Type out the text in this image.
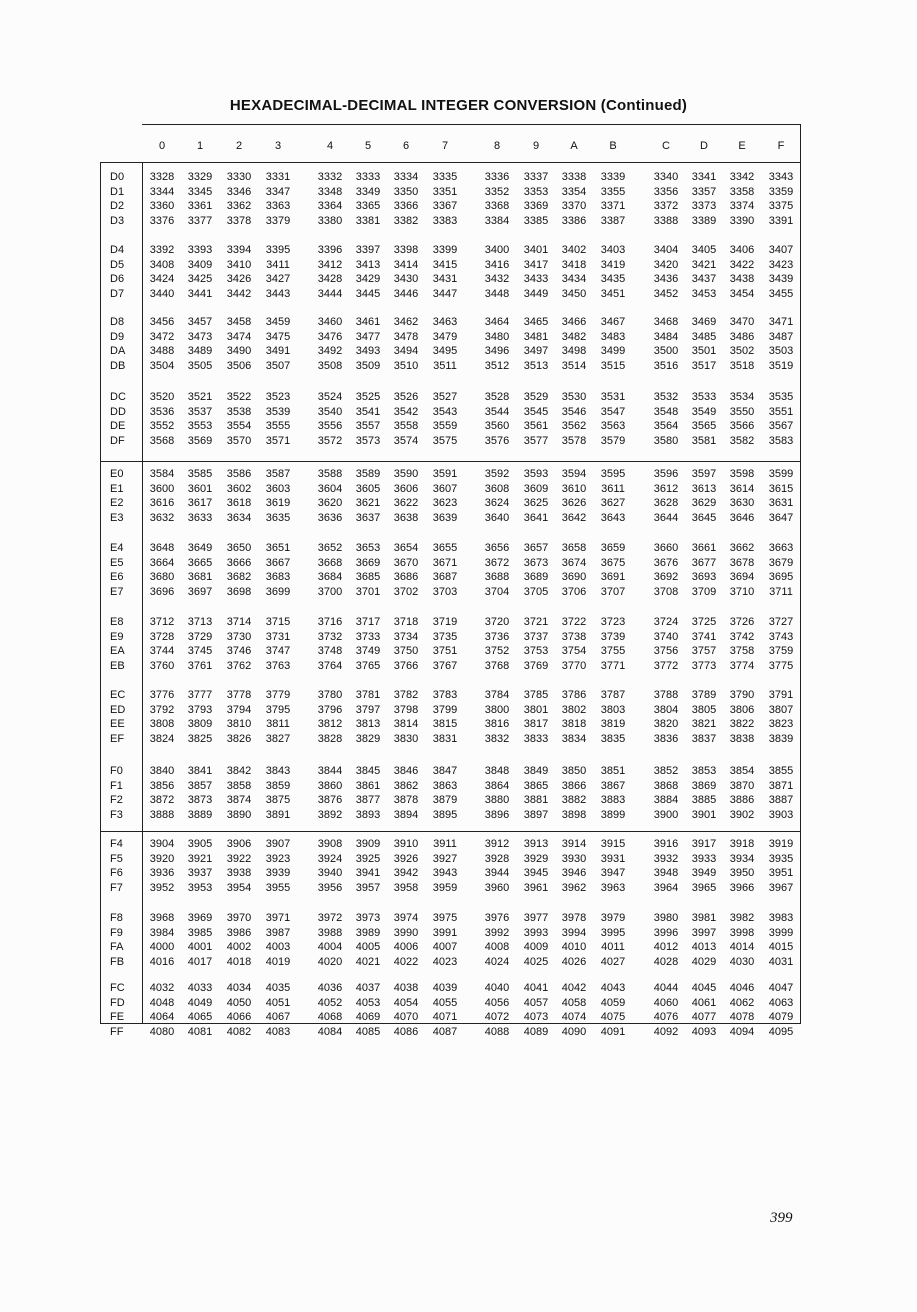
HEXADECIMAL-DECIMAL INTEGER CONVERSION (Continued)
0	1	2	3	4	5	6	7	8	9	A	B	C	D	E	F
D0	3328	3329	3330	3331	3332	3333	3334	3335	3336	3337	3338	3339	3340	3341	3342	3343
D1	3344	3345	3346	3347	3348	3349	3350	3351	3352	3353	3354	3355	3356	3357	3358	3359
D2	3360	3361	3362	3363	3364	3365	3366	3367	3368	3369	3370	3371	3372	3373	3374	3375
D3	3376	3377	3378	3379	3380	3381	3382	3383	3384	3385	3386	3387	3388	3389	3390	3391
D4	3392	3393	3394	3395	3396	3397	3398	3399	3400	3401	3402	3403	3404	3405	3406	3407
D5	3408	3409	3410	3411	3412	3413	3414	3415	3416	3417	3418	3419	3420	3421	3422	3423
D6	3424	3425	3426	3427	3428	3429	3430	3431	3432	3433	3434	3435	3436	3437	3438	3439
D7	3440	3441	3442	3443	3444	3445	3446	3447	3448	3449	3450	3451	3452	3453	3454	3455
D8	3456	3457	3458	3459	3460	3461	3462	3463	3464	3465	3466	3467	3468	3469	3470	3471
D9	3472	3473	3474	3475	3476	3477	3478	3479	3480	3481	3482	3483	3484	3485	3486	3487
DA	3488	3489	3490	3491	3492	3493	3494	3495	3496	3497	3498	3499	3500	3501	3502	3503
DB	3504	3505	3506	3507	3508	3509	3510	3511	3512	3513	3514	3515	3516	3517	3518	3519
DC	3520	3521	3522	3523	3524	3525	3526	3527	3528	3529	3530	3531	3532	3533	3534	3535
DD	3536	3537	3538	3539	3540	3541	3542	3543	3544	3545	3546	3547	3548	3549	3550	3551
DE	3552	3553	3554	3555	3556	3557	3558	3559	3560	3561	3562	3563	3564	3565	3566	3567
DF	3568	3569	3570	3571	3572	3573	3574	3575	3576	3577	3578	3579	3580	3581	3582	3583
E0	3584	3585	3586	3587	3588	3589	3590	3591	3592	3593	3594	3595	3596	3597	3598	3599
E1	3600	3601	3602	3603	3604	3605	3606	3607	3608	3609	3610	3611	3612	3613	3614	3615
E2	3616	3617	3618	3619	3620	3621	3622	3623	3624	3625	3626	3627	3628	3629	3630	3631
E3	3632	3633	3634	3635	3636	3637	3638	3639	3640	3641	3642	3643	3644	3645	3646	3647
E4	3648	3649	3650	3651	3652	3653	3654	3655	3656	3657	3658	3659	3660	3661	3662	3663
E5	3664	3665	3666	3667	3668	3669	3670	3671	3672	3673	3674	3675	3676	3677	3678	3679
E6	3680	3681	3682	3683	3684	3685	3686	3687	3688	3689	3690	3691	3692	3693	3694	3695
E7	3696	3697	3698	3699	3700	3701	3702	3703	3704	3705	3706	3707	3708	3709	3710	3711
E8	3712	3713	3714	3715	3716	3717	3718	3719	3720	3721	3722	3723	3724	3725	3726	3727
E9	3728	3729	3730	3731	3732	3733	3734	3735	3736	3737	3738	3739	3740	3741	3742	3743
EA	3744	3745	3746	3747	3748	3749	3750	3751	3752	3753	3754	3755	3756	3757	3758	3759
EB	3760	3761	3762	3763	3764	3765	3766	3767	3768	3769	3770	3771	3772	3773	3774	3775
EC	3776	3777	3778	3779	3780	3781	3782	3783	3784	3785	3786	3787	3788	3789	3790	3791
ED	3792	3793	3794	3795	3796	3797	3798	3799	3800	3801	3802	3803	3804	3805	3806	3807
EE	3808	3809	3810	3811	3812	3813	3814	3815	3816	3817	3818	3819	3820	3821	3822	3823
EF	3824	3825	3826	3827	3828	3829	3830	3831	3832	3833	3834	3835	3836	3837	3838	3839
F0	3840	3841	3842	3843	3844	3845	3846	3847	3848	3849	3850	3851	3852	3853	3854	3855
F1	3856	3857	3858	3859	3860	3861	3862	3863	3864	3865	3866	3867	3868	3869	3870	3871
F2	3872	3873	3874	3875	3876	3877	3878	3879	3880	3881	3882	3883	3884	3885	3886	3887
F3	3888	3889	3890	3891	3892	3893	3894	3895	3896	3897	3898	3899	3900	3901	3902	3903
F4	3904	3905	3906	3907	3908	3909	3910	3911	3912	3913	3914	3915	3916	3917	3918	3919
F5	3920	3921	3922	3923	3924	3925	3926	3927	3928	3929	3930	3931	3932	3933	3934	3935
F6	3936	3937	3938	3939	3940	3941	3942	3943	3944	3945	3946	3947	3948	3949	3950	3951
F7	3952	3953	3954	3955	3956	3957	3958	3959	3960	3961	3962	3963	3964	3965	3966	3967
F8	3968	3969	3970	3971	3972	3973	3974	3975	3976	3977	3978	3979	3980	3981	3982	3983
F9	3984	3985	3986	3987	3988	3989	3990	3991	3992	3993	3994	3995	3996	3997	3998	3999
FA	4000	4001	4002	4003	4004	4005	4006	4007	4008	4009	4010	4011	4012	4013	4014	4015
FB	4016	4017	4018	4019	4020	4021	4022	4023	4024	4025	4026	4027	4028	4029	4030	4031
FC	4032	4033	4034	4035	4036	4037	4038	4039	4040	4041	4042	4043	4044	4045	4046	4047
FD	4048	4049	4050	4051	4052	4053	4054	4055	4056	4057	4058	4059	4060	4061	4062	4063
FE	4064	4065	4066	4067	4068	4069	4070	4071	4072	4073	4074	4075	4076	4077	4078	4079
FF	4080	4081	4082	4083	4084	4085	4086	4087	4088	4089	4090	4091	4092	4093	4094	4095
399
